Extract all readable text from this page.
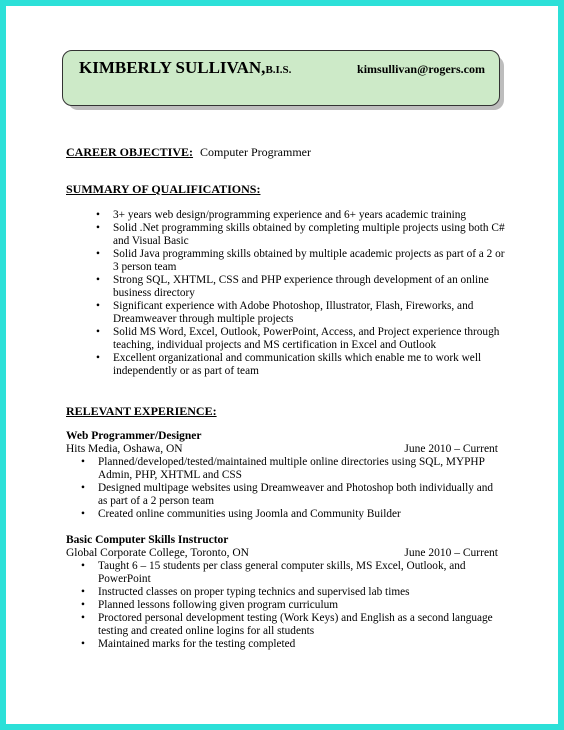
KIMBERLY SULLIVAN,B.I.S.	kimsullivan@rogers.com
CAREER OBJECTIVE: Computer Programmer
SUMMARY OF QUALIFICATIONS:
• 3+ years web design/programming experience and 6+ years academic training
• Solid .Net programming skills obtained by completing multiple projects using both C# and Visual Basic
• Solid Java programming skills obtained by multiple academic projects as part of a 2 or 3 person team
• Strong SQL, XHTML, CSS and PHP experience through development of an online business directory
• Significant experience with Adobe Photoshop, Illustrator, Flash, Fireworks, and Dreamweaver through multiple projects
• Solid MS Word, Excel, Outlook, PowerPoint, Access, and Project experience through teaching, individual projects and MS certification in Excel and Outlook
• Excellent organizational and communication skills which enable me to work well independently or as part of team
RELEVANT EXPERIENCE:
Web Programmer/Designer
Hits Media, Oshawa, ON	June 2010 – Current
• Planned/developed/tested/maintained multiple online directories using SQL, MYPHP Admin, PHP, XHTML and CSS
• Designed multipage websites using Dreamweaver and Photoshop both individually and as part of a 2 person team
• Created online communities using Joomla and Community Builder
Basic Computer Skills Instructor
Global Corporate College, Toronto, ON	June 2010 – Current
• Taught 6 – 15 students per class general computer skills, MS Excel, Outlook, and PowerPoint
• Instructed classes on proper typing technics and supervised lab times
• Planned lessons following given program curriculum
• Proctored personal development testing (Work Keys) and English as a second language testing and created online logins for all students
• Maintained marks for the testing completed
